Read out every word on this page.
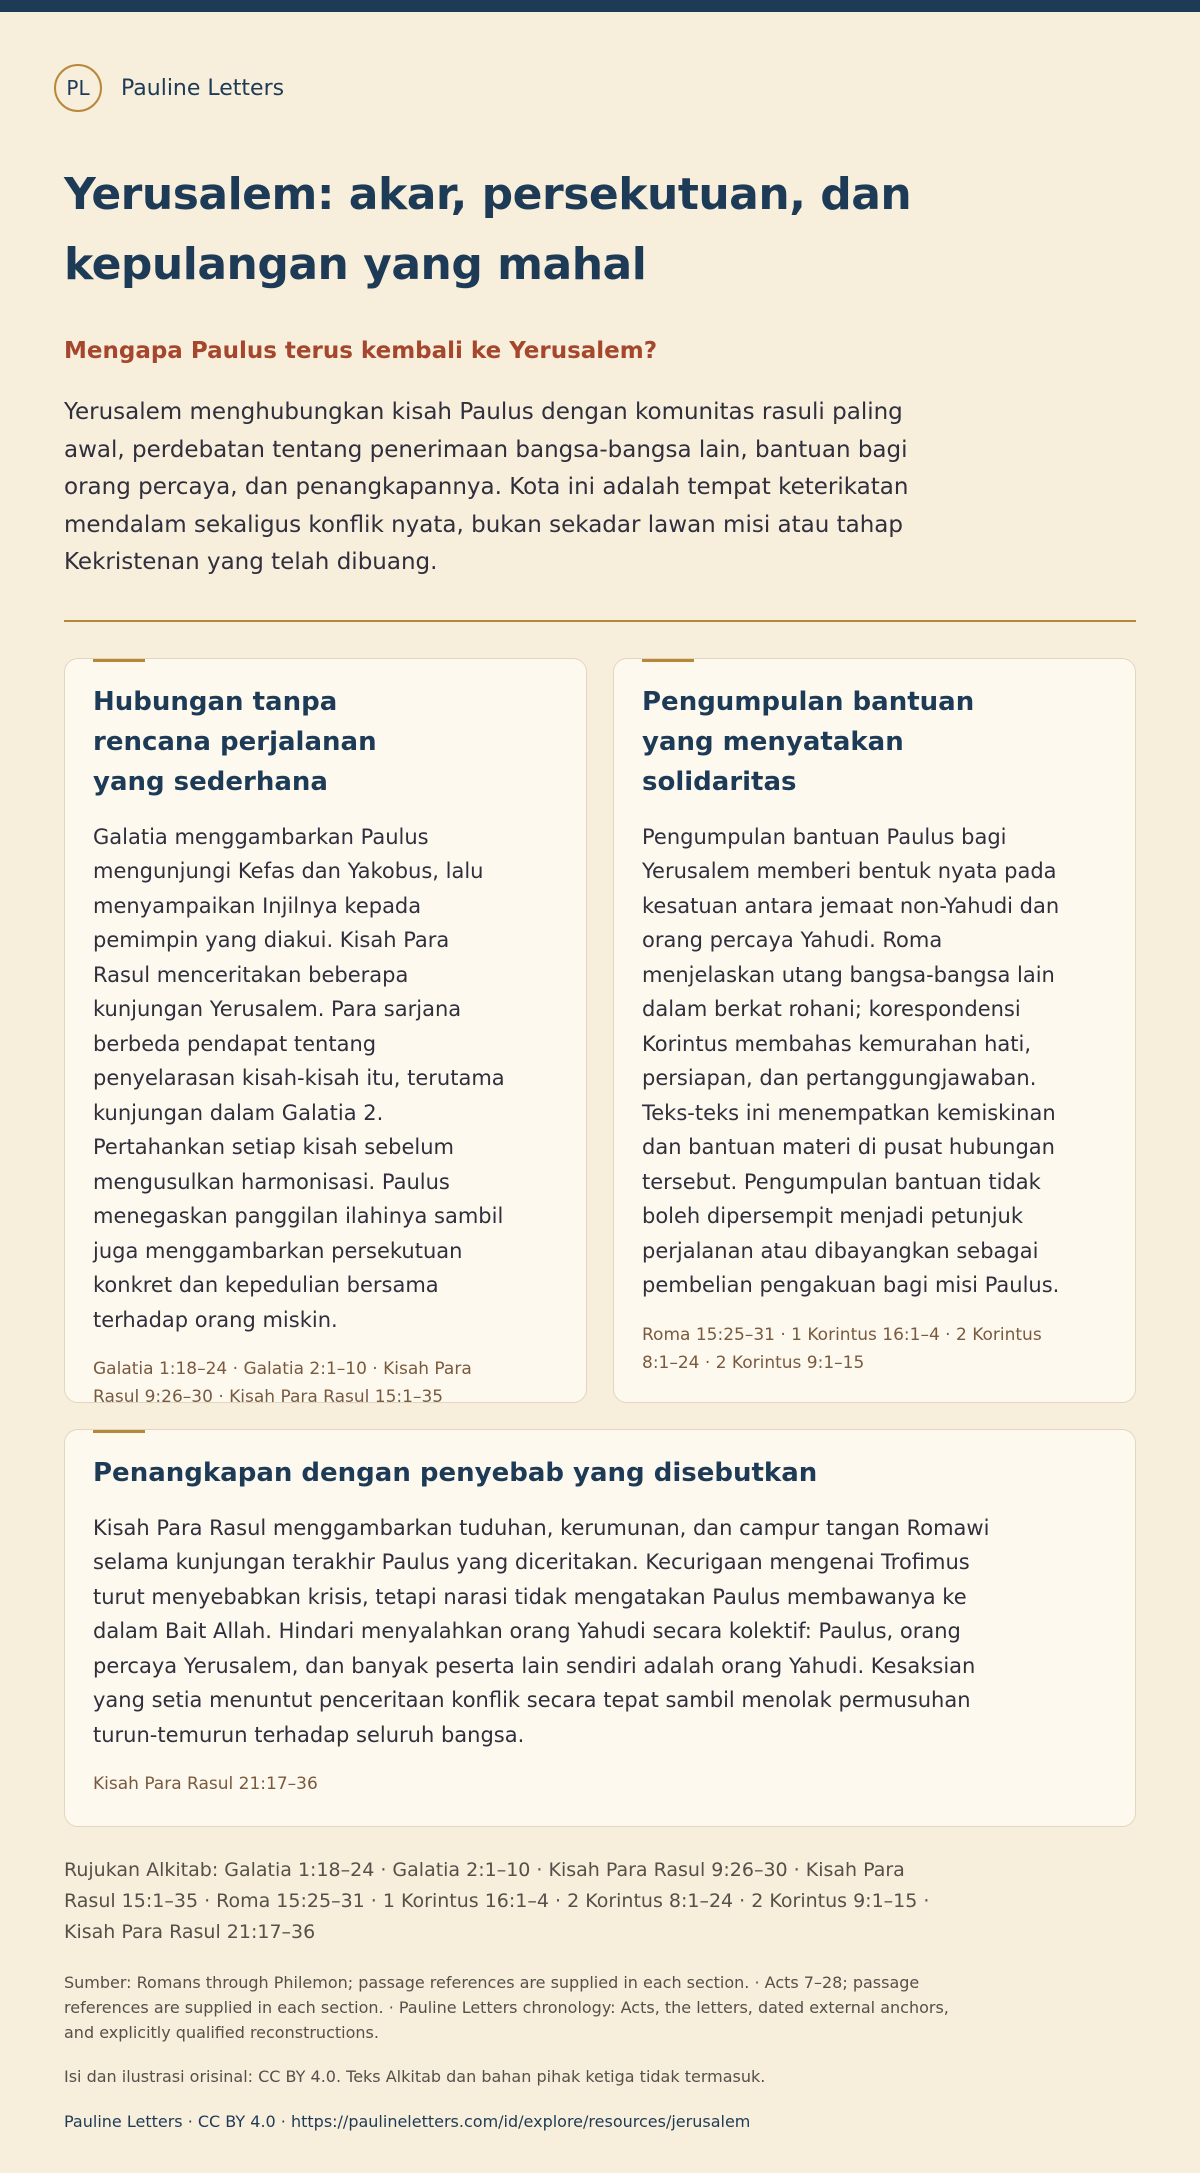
PL	Pauline Letters
Yerusalem: akar, persekutuan, dan kepulangan yang mahal
Mengapa Paulus terus kembali ke Yerusalem?

Yerusalem menghubungkan kisah Paulus dengan komunitas rasuli paling awal, perdebatan tentang penerimaan bangsa-bangsa lain, bantuan bagi orang percaya, dan penangkapannya. Kota ini adalah tempat keterikatan mendalam sekaligus konflik nyata, bukan sekadar lawan misi atau tahap Kekristenan yang telah dibuang.

Hubungan tanpa rencana perjalanan yang sederhana
Galatia menggambarkan Paulus mengunjungi Kefas dan Yakobus, lalu menyampaikan Injilnya kepada pemimpin yang diakui. Kisah Para Rasul menceritakan beberapa kunjungan Yerusalem. Para sarjana berbeda pendapat tentang penyelarasan kisah-kisah itu, terutama kunjungan dalam Galatia 2. Pertahankan setiap kisah sebelum mengusulkan harmonisasi. Paulus menegaskan panggilan ilahinya sambil juga menggambarkan persekutuan konkret dan kepedulian bersama terhadap orang miskin.
Galatia 1:18–24 · Galatia 2:1–10 · Kisah Para Rasul 9:26–30 · Kisah Para Rasul 15:1–35
Pengumpulan bantuan yang menyatakan solidaritas
Pengumpulan bantuan Paulus bagi Yerusalem memberi bentuk nyata pada kesatuan antara jemaat non-Yahudi dan orang percaya Yahudi. Roma menjelaskan utang bangsa-bangsa lain dalam berkat rohani; korespondensi Korintus membahas kemurahan hati, persiapan, dan pertanggungjawaban. Teks-teks ini menempatkan kemiskinan dan bantuan materi di pusat hubungan tersebut. Pengumpulan bantuan tidak boleh dipersempit menjadi petunjuk perjalanan atau dibayangkan sebagai pembelian pengakuan bagi misi Paulus.
Roma 15:25–31 · 1 Korintus 16:1–4 · 2 Korintus 8:1–24 · 2 Korintus 9:1–15
Penangkapan dengan penyebab yang disebutkan
Kisah Para Rasul menggambarkan tuduhan, kerumunan, dan campur tangan Romawi selama kunjungan terakhir Paulus yang diceritakan. Kecurigaan mengenai Trofimus turut menyebabkan krisis, tetapi narasi tidak mengatakan Paulus membawanya ke dalam Bait Allah. Hindari menyalahkan orang Yahudi secara kolektif: Paulus, orang percaya Yerusalem, dan banyak peserta lain sendiri adalah orang Yahudi. Kesaksian yang setia menuntut penceritaan konflik secara tepat sambil menolak permusuhan turun-temurun terhadap seluruh bangsa.
Kisah Para Rasul 21:17–36
Rujukan Alkitab: Galatia 1:18–24 · Galatia 2:1–10 · Kisah Para Rasul 9:26–30 · Kisah Para Rasul 15:1–35 · Roma 15:25–31 · 1 Korintus 16:1–4 · 2 Korintus 8:1–24 · 2 Korintus 9:1–15 · Kisah Para Rasul 21:17–36
Sumber: Romans through Philemon; passage references are supplied in each section. · Acts 7–28; passage references are supplied in each section. · Pauline Letters chronology: Acts, the letters, dated external anchors, and explicitly qualified reconstructions.
Isi dan ilustrasi orisinal: CC BY 4.0. Teks Alkitab dan bahan pihak ketiga tidak termasuk.
Pauline Letters · CC BY 4.0 · https://paulineletters.com/id/explore/resources/jerusalem
